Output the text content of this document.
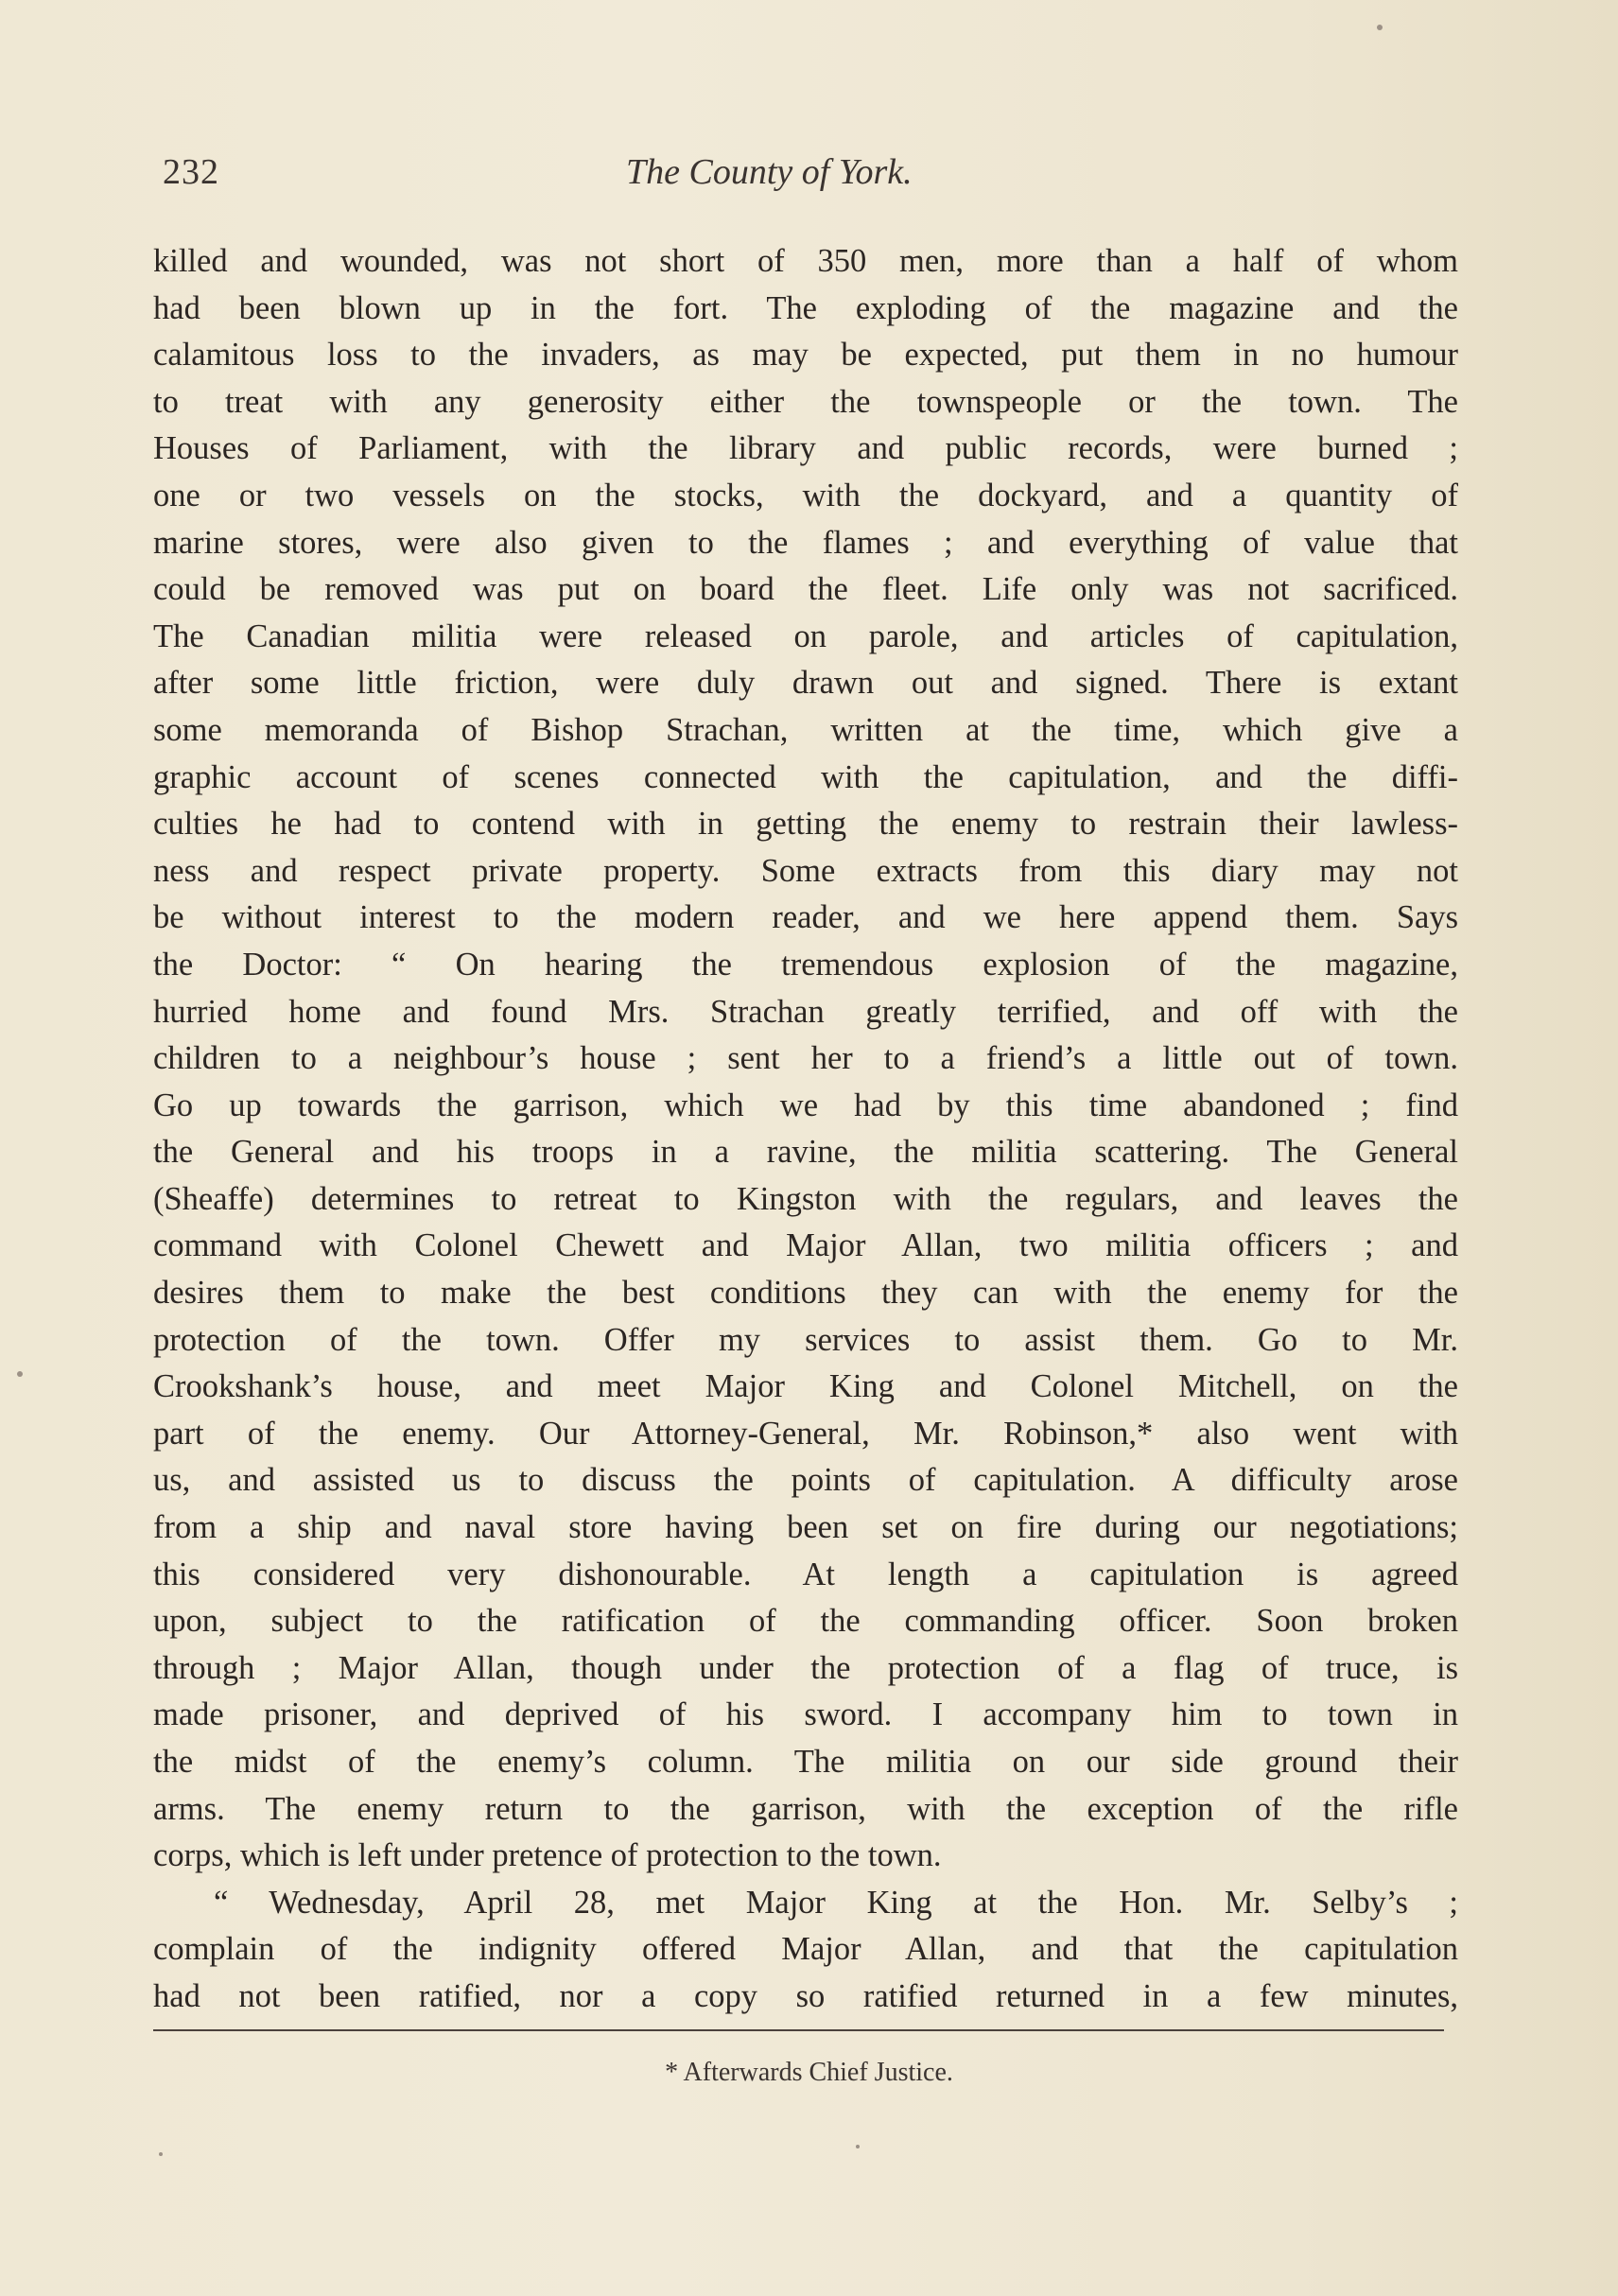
232	The County of York.
killed and wounded, was not short of 350 men, more than a half of whom
had been blown up in the fort. The exploding of the magazine and the
calamitous loss to the invaders, as may be expected, put them in no humour
to treat with any generosity either the townspeople or the town. The
Houses of Parliament, with the library and public records, were burned ;
one or two vessels on the stocks, with the dockyard, and a quantity of
marine stores, were also given to the flames ; and everything of value that
could be removed was put on board the fleet. Life only was not sacrificed.
The Canadian militia were released on parole, and articles of capitulation,
after some little friction, were duly drawn out and signed. There is extant
some memoranda of Bishop Strachan, written at the time, which give a
graphic account of scenes connected with the capitulation, and the diffi-
culties he had to contend with in getting the enemy to restrain their lawless-
ness and respect private property. Some extracts from this diary may not
be without interest to the modern reader, and we here append them. Says
the Doctor: “ On hearing the tremendous explosion of the magazine,
hurried home and found Mrs. Strachan greatly terrified, and off with the
children to a neighbour’s house ; sent her to a friend’s a little out of town.
Go up towards the garrison, which we had by this time abandoned ; find
the General and his troops in a ravine, the militia scattering. The General
(Sheaffe) determines to retreat to Kingston with the regulars, and leaves the
command with Colonel Chewett and Major Allan, two militia officers ; and
desires them to make the best conditions they can with the enemy for the
protection of the town. Offer my services to assist them. Go to Mr.
Crookshank’s house, and meet Major King and Colonel Mitchell, on the
part of the enemy. Our Attorney-General, Mr. Robinson,* also went with
us, and assisted us to discuss the points of capitulation. A difficulty arose
from a ship and naval store having been set on fire during our negotiations;
this considered very dishonourable. At length a capitulation is agreed
upon, subject to the ratification of the commanding officer. Soon broken
through ; Major Allan, though under the protection of a flag of truce, is
made prisoner, and deprived of his sword. I accompany him to town in
the midst of the enemy’s column. The militia on our side ground their
arms. The enemy return to the garrison, with the exception of the rifle
corps, which is left under pretence of protection to the town.
“ Wednesday, April 28, met Major King at the Hon. Mr. Selby’s ;
complain of the indignity offered Major Allan, and that the capitulation
had not been ratified, nor a copy so ratified returned in a few minutes,
* Afterwards Chief Justice.
